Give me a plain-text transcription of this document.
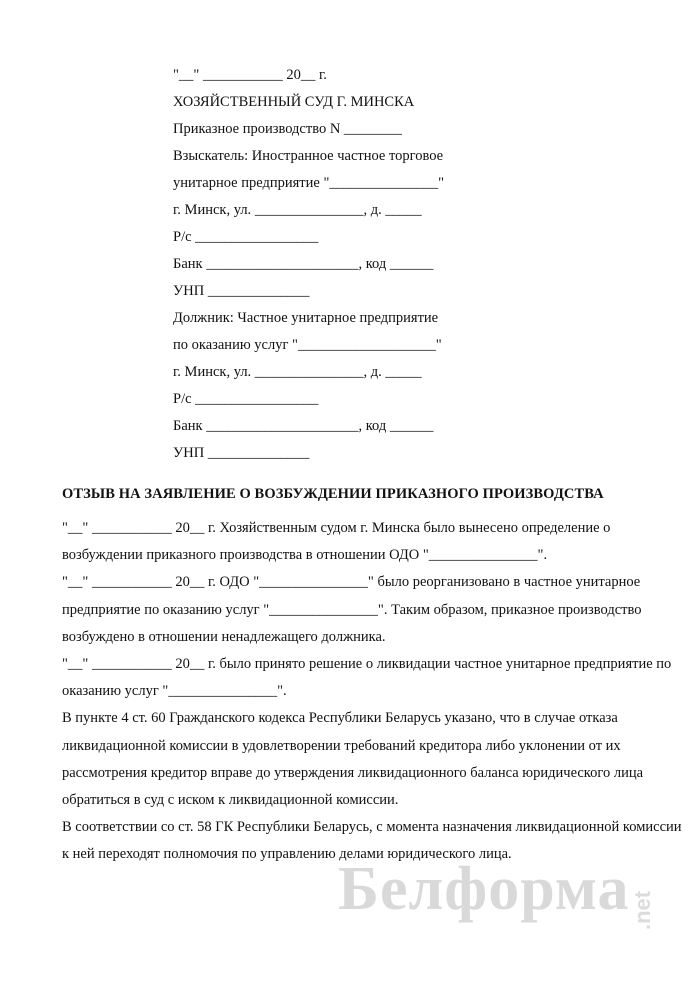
"__" ___________ 20__ г.
ХОЗЯЙСТВЕННЫЙ СУД Г. МИНСКА
Приказное производство N ________
Взыскатель: Иностранное частное торговое
унитарное предприятие "_______________"
г. Минск, ул. _______________, д. _____
Р/с _________________
Банк _____________________, код ______
УНП ______________
Должник: Частное унитарное предприятие
по оказанию услуг "___________________"
г. Минск, ул. _______________, д. _____
Р/с _________________
Банк _____________________, код ______
УНП ______________
ОТЗЫВ НА ЗАЯВЛЕНИЕ О ВОЗБУЖДЕНИИ ПРИКАЗНОГО ПРОИЗВОДСТВА
"__" ___________ 20__ г. Хозяйственным судом г. Минска было вынесено определение о
возбуждении приказного производства в отношении ОДО "_______________".
"__" ___________ 20__ г. ОДО "_______________" было реорганизовано в частное унитарное
предприятие по оказанию услуг "_______________". Таким образом, приказное производство
возбуждено в отношении ненадлежащего должника.
"__" ___________ 20__ г. было принято решение о ликвидации частное унитарное предприятие по
оказанию услуг "_______________".
В пункте 4 ст. 60 Гражданского кодекса Республики Беларусь указано, что в случае отказа
ликвидационной комиссии в удовлетворении требований кредитора либо уклонении от их
рассмотрения кредитор вправе до утверждения ликвидационного баланса юридического лица
обратиться в суд с иском к ликвидационной комиссии.
В соответствии со ст. 58 ГК Республики Беларусь, с момента назначения ликвидационной комиссии
к ней переходят полномочия по управлению делами юридического лица.
Белформа .net
